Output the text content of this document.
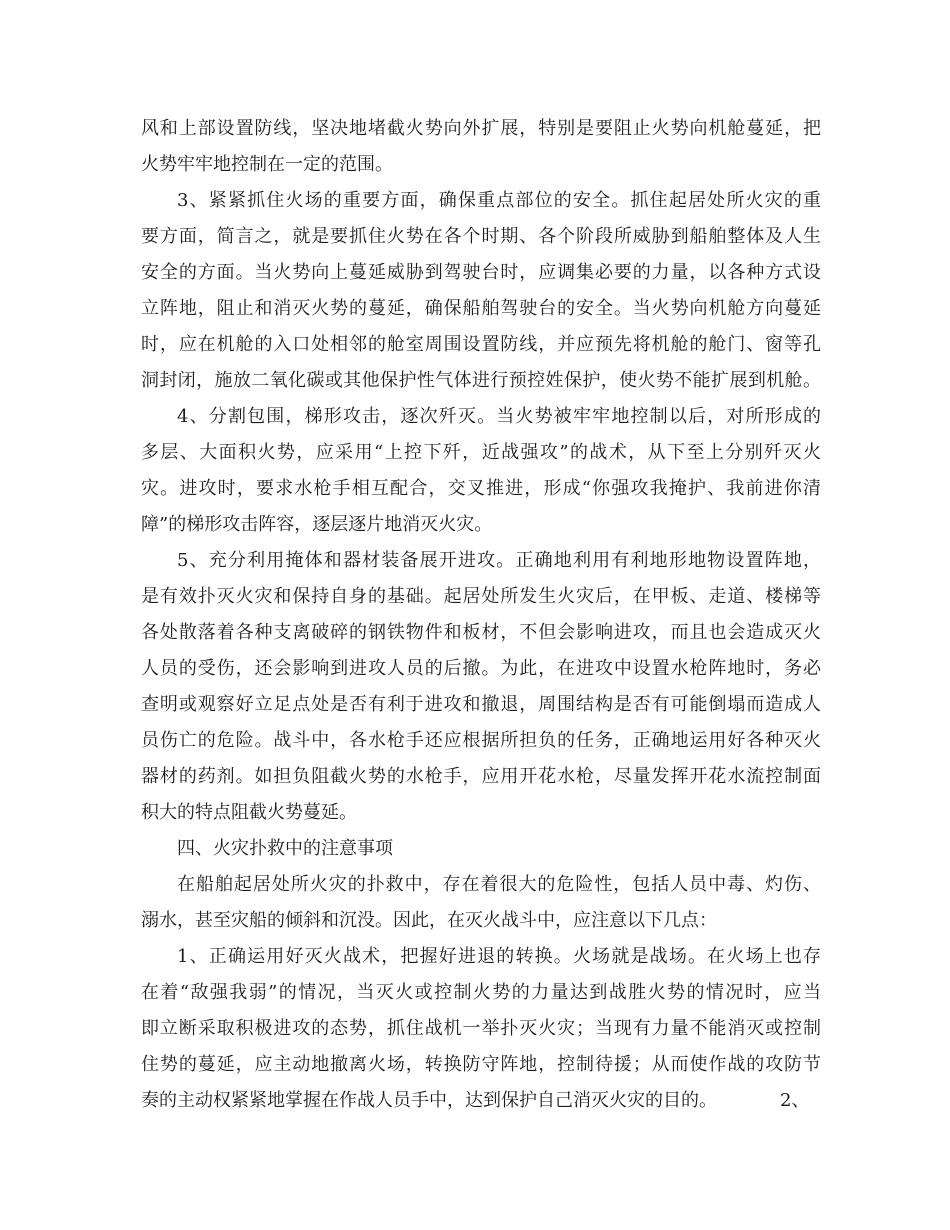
风和上部设置防线，坚决地堵截火势向外扩展，特别是要阻止火势向机舱蔓延，把
火势牢牢地控制在一定的范围。
3、紧紧抓住火场的重要方面，确保重点部位的安全。抓住起居处所火灾的重
要方面，简言之，就是要抓住火势在各个时期、各个阶段所威胁到船舶整体及人生
安全的方面。当火势向上蔓延威胁到驾驶台时，应调集必要的力量，以各种方式设
立阵地，阻止和消灭火势的蔓延，确保船舶驾驶台的安全。当火势向机舱方向蔓延
时，应在机舱的入口处相邻的舱室周围设置防线，并应预先将机舱的舱门、窗等孔
洞封闭，施放二氧化碳或其他保护性气体进行预控姓保护，使火势不能扩展到机舱。
4、分割包围，梯形攻击，逐次歼灭。当火势被牢牢地控制以后，对所形成的
多层、大面积火势，应采用“上控下歼，近战强攻”的战术，从下至上分别歼灭火
灾。进攻时，要求水枪手相互配合，交叉推进，形成“你强攻我掩护、我前进你清
障”的梯形攻击阵容，逐层逐片地消灭火灾。
5、充分利用掩体和器材装备展开进攻。正确地利用有利地形地物设置阵地，
是有效扑灭火灾和保持自身的基础。起居处所发生火灾后，在甲板、走道、楼梯等
各处散落着各种支离破碎的钢铁物件和板材，不但会影响进攻，而且也会造成灭火
人员的受伤，还会影响到进攻人员的后撤。为此，在进攻中设置水枪阵地时，务必
查明或观察好立足点处是否有利于进攻和撤退，周围结构是否有可能倒塌而造成人
员伤亡的危险。战斗中，各水枪手还应根据所担负的任务，正确地运用好各种灭火
器材的药剂。如担负阻截火势的水枪手，应用开花水枪，尽量发挥开花水流控制面
积大的特点阻截火势蔓延。
四、火灾扑救中的注意事项
在船舶起居处所火灾的扑救中，存在着很大的危险性，包括人员中毒、灼伤、
溺水，甚至灾船的倾斜和沉没。因此，在灭火战斗中，应注意以下几点：
1、正确运用好灭火战术，把握好进退的转换。火场就是战场。在火场上也存
在着“敌强我弱”的情况，当灭火或控制火势的力量达到战胜火势的情况时，应当
即立断采取积极进攻的态势，抓住战机一举扑灭火灾；当现有力量不能消灭或控制
住势的蔓延，应主动地撤离火场，转换防守阵地，控制待援；从而使作战的攻防节
奏的主动权紧紧地掌握在作战人员手中，达到保护自己消灭火灾的目的。	2、
